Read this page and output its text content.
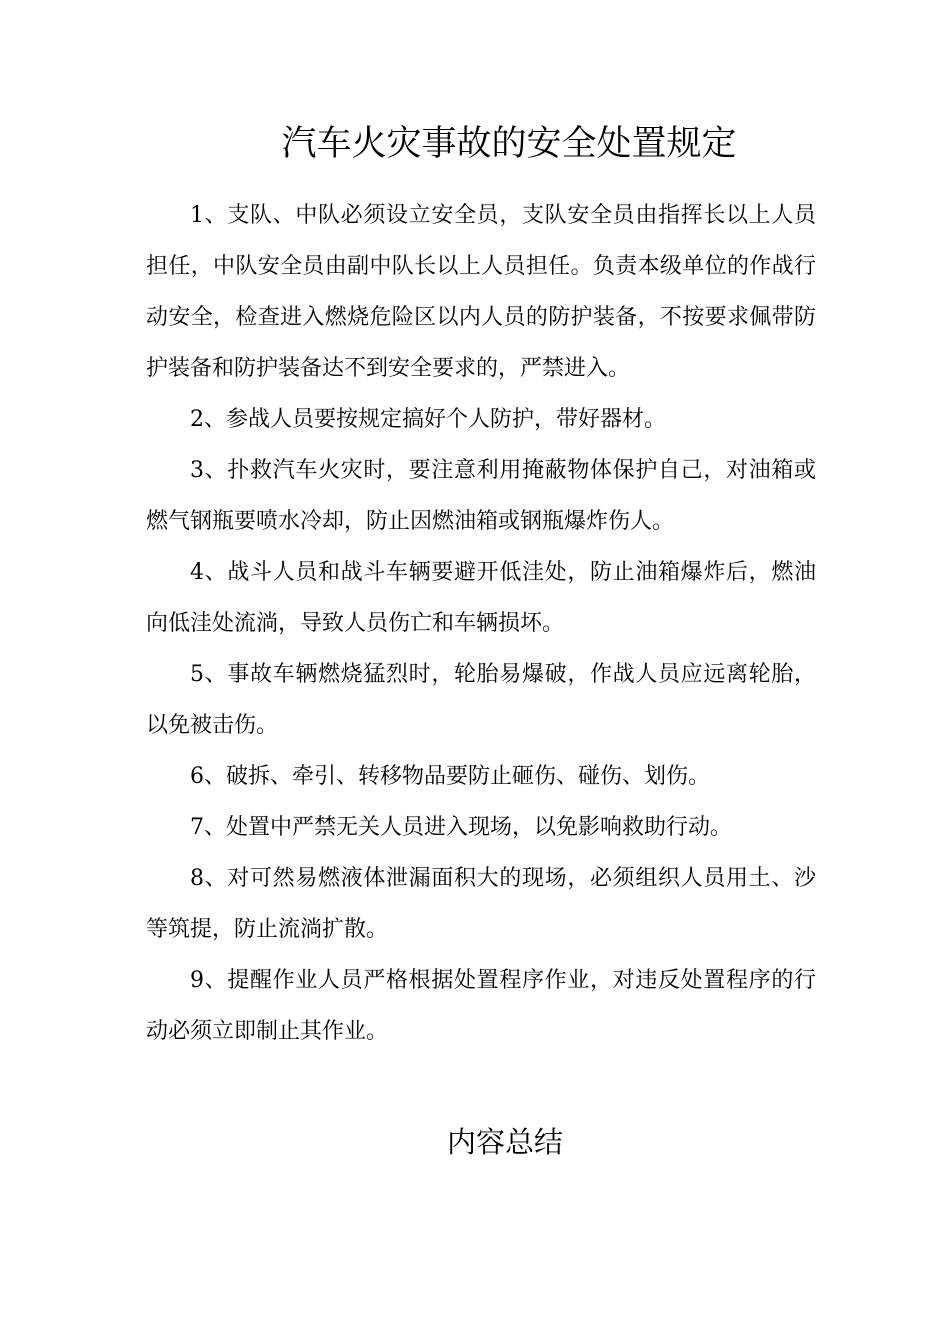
汽车火灾事故的安全处置规定

1、支队、中队必须设立安全员，支队安全员由指挥长以上人员担任，中队安全员由副中队长以上人员担任。负责本级单位的作战行动安全，检查进入燃烧危险区以内人员的防护装备，不按要求佩带防护装备和防护装备达不到安全要求的，严禁进入。

2、参战人员要按规定搞好个人防护，带好器材。

3、扑救汽车火灾时，要注意利用掩蔽物体保护自己，对油箱或燃气钢瓶要喷水冷却，防止因燃油箱或钢瓶爆炸伤人。

4、战斗人员和战斗车辆要避开低洼处，防止油箱爆炸后，燃油向低洼处流淌，导致人员伤亡和车辆损坏。

5、事故车辆燃烧猛烈时，轮胎易爆破，作战人员应远离轮胎，以免被击伤。

6、破拆、牵引、转移物品要防止砸伤、碰伤、划伤。

7、处置中严禁无关人员进入现场，以免影响救助行动。

8、对可然易燃液体泄漏面积大的现场，必须组织人员用土、沙等筑提，防止流淌扩散。

9、提醒作业人员严格根据处置程序作业，对违反处置程序的行动必须立即制止其作业。

内容总结
